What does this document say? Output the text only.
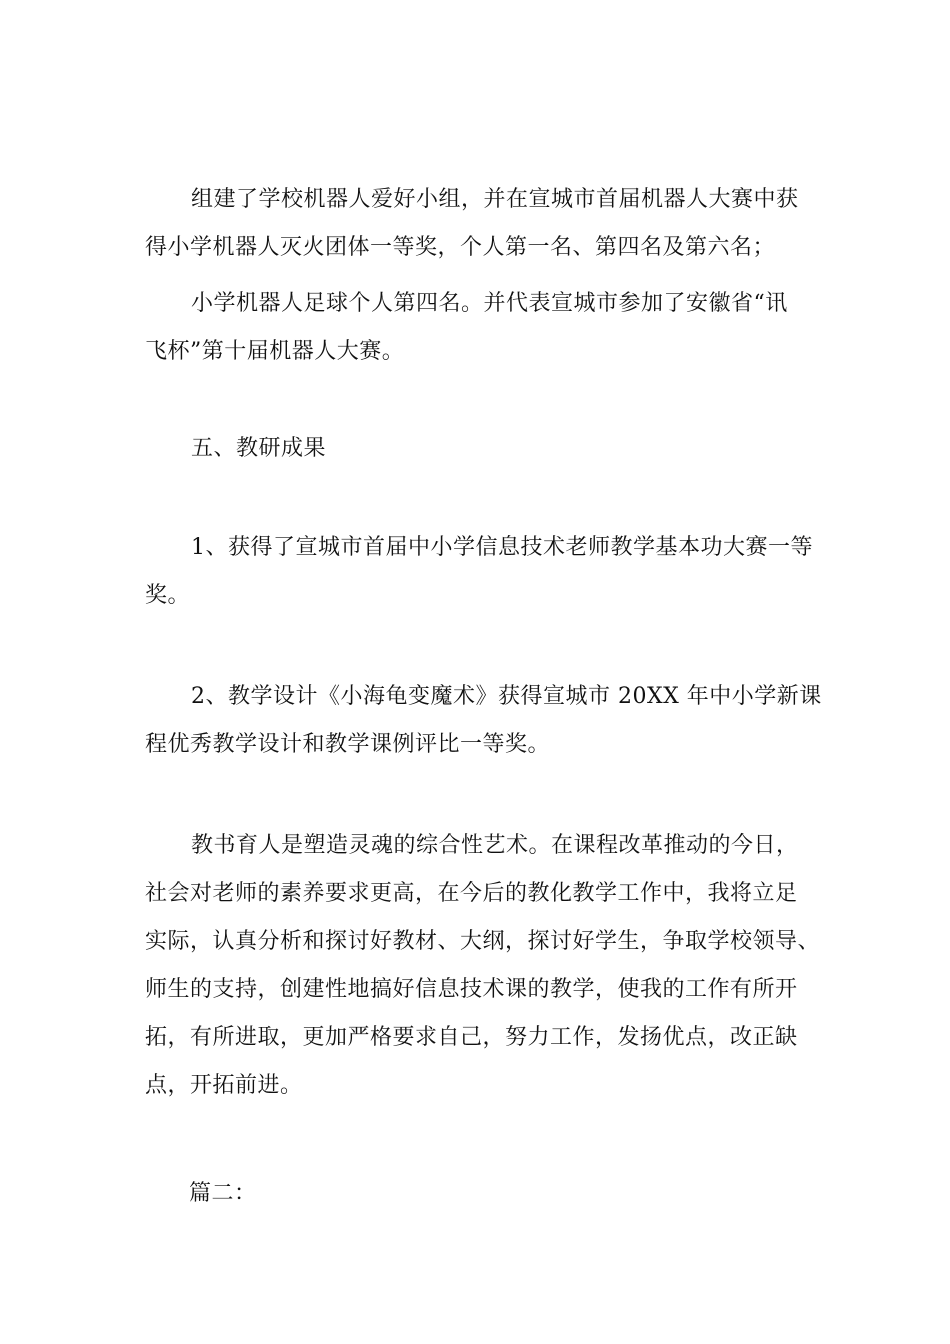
组建了学校机器人爱好小组，并在宣城市首届机器人大赛中获
得小学机器人灭火团体一等奖，个人第一名、第四名及第六名；

小学机器人足球个人第四名。并代表宣城市参加了安徽省“讯
飞杯”第十届机器人大赛。

五、教研成果

1、获得了宣城市首届中小学信息技术老师教学基本功大赛一等
奖。

2、教学设计《小海龟变魔术》获得宣城市 20XX 年中小学新课
程优秀教学设计和教学课例评比一等奖。

教书育人是塑造灵魂的综合性艺术。在课程改革推动的今日，
社会对老师的素养要求更高，在今后的教化教学工作中，我将立足
实际，认真分析和探讨好教材、大纲，探讨好学生，争取学校领导、
师生的支持，创建性地搞好信息技术课的教学，使我的工作有所开
拓，有所进取，更加严格要求自己，努力工作，发扬优点，改正缺
点，开拓前进。

篇二：
